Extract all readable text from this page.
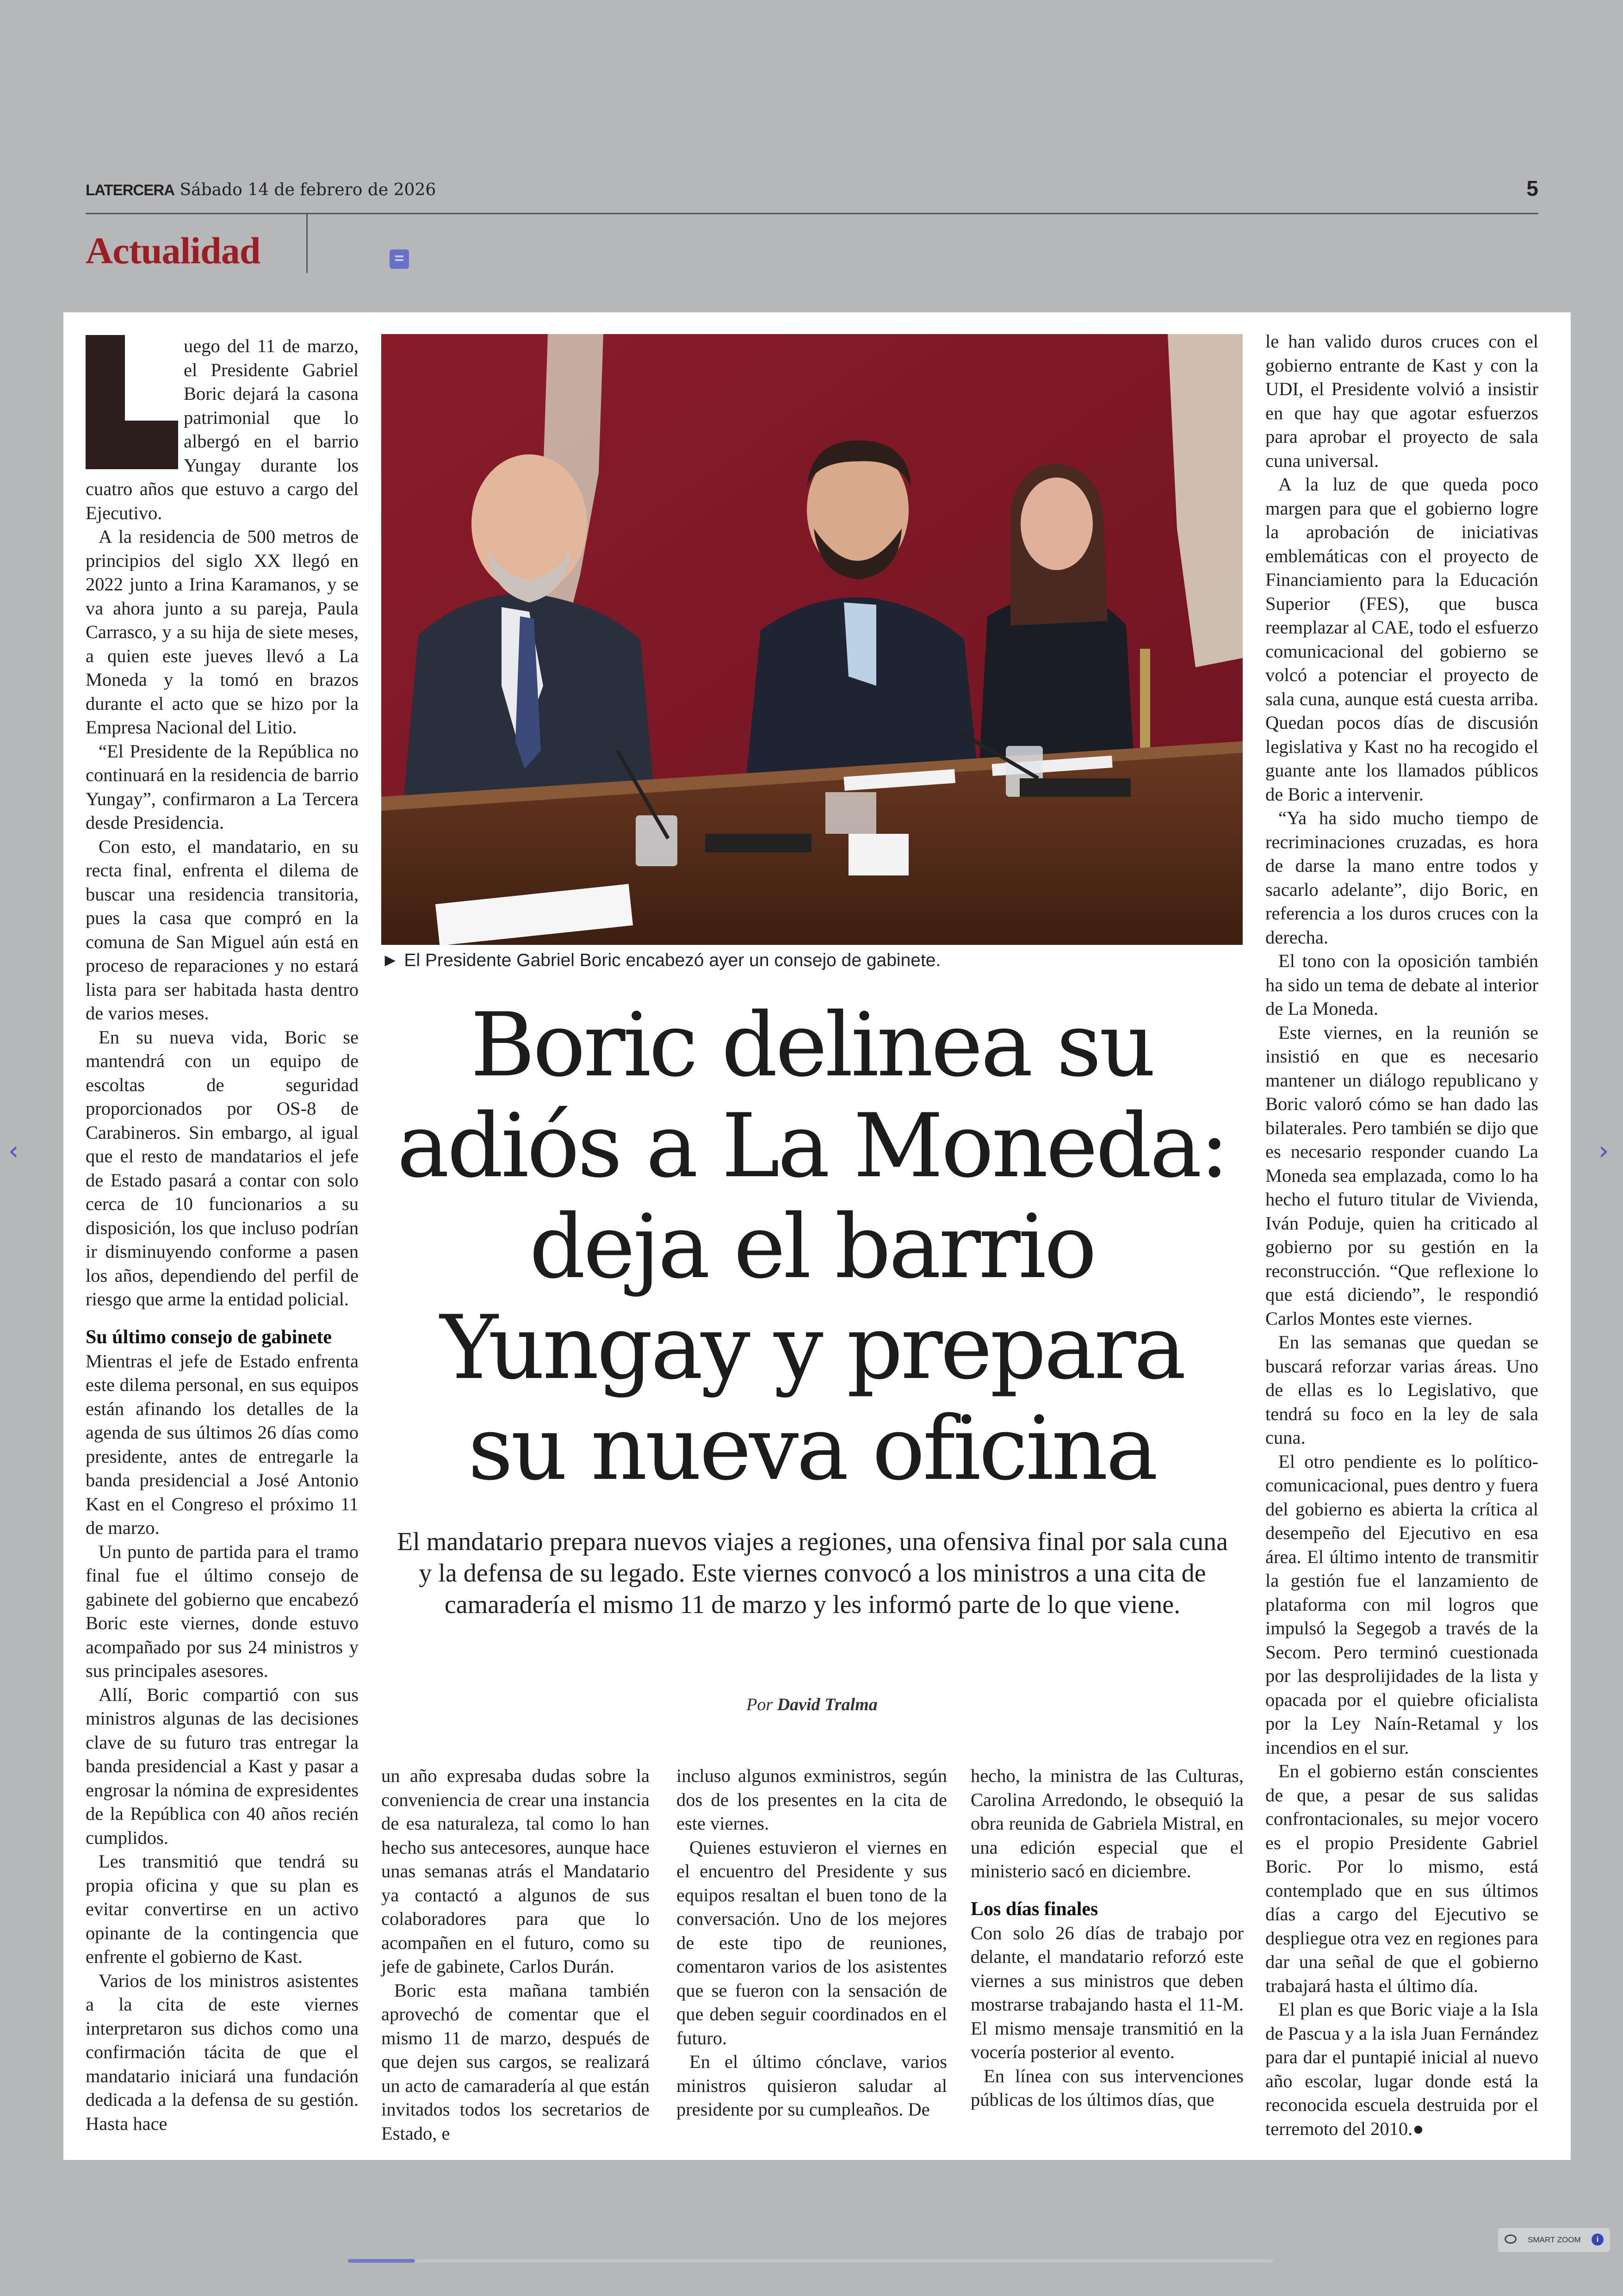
LATERCERA Sábado 14 de febrero de 2026	5
Actualidad

uego del 11 de marzo, el Presidente Gabriel Boric dejará la casona patrimonial que lo albergó en el barrio Yungay durante los cuatro años que estuvo a cargo del Ejecutivo.

A la residencia de 500 metros de principios del siglo XX llegó en 2022 junto a Irina Karamanos, y se va ahora junto a su pareja, Paula Carrasco, y a su hija de siete meses, a quien este jueves llevó a La Moneda y la tomó en brazos durante el acto que se hizo por la Empresa Nacional del Litio.

“El Presidente de la República no continuará en la residencia de barrio Yungay”, confirmaron a La Tercera desde Presidencia.

Con esto, el mandatario, en su recta final, enfrenta el dilema de buscar una residencia transitoria, pues la casa que compró en la comuna de San Miguel aún está en proceso de reparaciones y no estará lista para ser habitada hasta dentro de varios meses.

En su nueva vida, Boric se mantendrá con un equipo de escoltas de seguridad proporcionados por OS-8 de Carabineros. Sin embargo, al igual que el resto de mandatarios el jefe de Estado pasará a contar con solo cerca de 10 funcionarios a su disposición, los que incluso podrían ir disminuyendo conforme a pasen los años, dependiendo del perfil de riesgo que arme la entidad policial.

Su último consejo de gabinete

Mientras el jefe de Estado enfrenta este dilema personal, en sus equipos están afinando los detalles de la agenda de sus últimos 26 días como presidente, antes de entregarle la banda presidencial a José Antonio Kast en el Congreso el próximo 11 de marzo.

Un punto de partida para el tramo final fue el último consejo de gabinete del gobierno que encabezó Boric este viernes, donde estuvo acompañado por sus 24 ministros y sus principales asesores.

Allí, Boric compartió con sus ministros algunas de las decisiones clave de su futuro tras entregar la banda presidencial a Kast y pasar a engrosar la nómina de expresidentes de la República con 40 años recién cumplidos.

Les transmitió que tendrá su propia oficina y que su plan es evitar convertirse en un activo opinante de la contingencia que enfrente el gobierno de Kast.

Varios de los ministros asistentes a la cita de este viernes interpretaron sus dichos como una confirmación tácita de que el mandatario iniciará una fundación dedicada a la defensa de su gestión. Hasta hace

► El Presidente Gabriel Boric encabezó ayer un consejo de gabinete.
Boric delinea su adiós a La Moneda: deja el barrio Yungay y prepara su nueva oficina
El mandatario prepara nuevos viajes a regiones, una ofensiva final por sala cuna y la defensa de su legado. Este viernes convocó a los ministros a una cita de camaradería el mismo 11 de marzo y les informó parte de lo que viene.
Por David Tralma

un año expresaba dudas sobre la conveniencia de crear una instancia de esa naturaleza, tal como lo han hecho sus antecesores, aunque hace unas semanas atrás el Mandatario ya contactó a algunos de sus colaboradores para que lo acompañen en el futuro, como su jefe de gabinete, Carlos Durán.

Boric esta mañana también aprovechó de comentar que el mismo 11 de marzo, después de que dejen sus cargos, se realizará un acto de camaradería al que están invitados todos los secretarios de Estado, e

incluso algunos exministros, según dos de los presentes en la cita de este viernes.

Quienes estuvieron el viernes en el encuentro del Presidente y sus equipos resaltan el buen tono de la conversación. Uno de los mejores de este tipo de reuniones, comentaron varios de los asistentes que se fueron con la sensación de que deben seguir coordinados en el futuro.

En el último cónclave, varios ministros quisieron saludar al presidente por su cumpleaños. De

hecho, la ministra de las Culturas, Carolina Arredondo, le obsequió la obra reunida de Gabriela Mistral, en una edición especial que el ministerio sacó en diciembre.

Los días finales

Con solo 26 días de trabajo por delante, el mandatario reforzó este viernes a sus ministros que deben mostrarse trabajando hasta el 11-M. El mismo mensaje transmitió en la vocería posterior al evento.

En línea con sus intervenciones públicas de los últimos días, que

le han valido duros cruces con el gobierno entrante de Kast y con la UDI, el Presidente volvió a insistir en que hay que agotar esfuerzos para aprobar el proyecto de sala cuna universal.

A la luz de que queda poco margen para que el gobierno logre la aprobación de iniciativas emblemáticas con el proyecto de Financiamiento para la Educación Superior (FES), que busca reemplazar al CAE, todo el esfuerzo comunicacional del gobierno se volcó a potenciar el proyecto de sala cuna, aunque está cuesta arriba. Quedan pocos días de discusión legislativa y Kast no ha recogido el guante ante los llamados públicos de Boric a intervenir.

“Ya ha sido mucho tiempo de recriminaciones cruzadas, es hora de darse la mano entre todos y sacarlo adelante”, dijo Boric, en referencia a los duros cruces con la derecha.

El tono con la oposición también ha sido un tema de debate al interior de La Moneda.

Este viernes, en la reunión se insistió en que es necesario mantener un diálogo republicano y Boric valoró cómo se han dado las bilaterales. Pero también se dijo que es necesario responder cuando La Moneda sea emplazada, como lo ha hecho el futuro titular de Vivienda, Iván Poduje, quien ha criticado al gobierno por su gestión en la reconstrucción. “Que reflexione lo que está diciendo”, le respondió Carlos Montes este viernes.

En las semanas que quedan se buscará reforzar varias áreas. Uno de ellas es lo Legislativo, que tendrá su foco en la ley de sala cuna.

El otro pendiente es lo político-comunicacional, pues dentro y fuera del gobierno es abierta la crítica al desempeño del Ejecutivo en esa área. El último intento de transmitir la gestión fue el lanzamiento de plataforma con mil logros que impulsó la Segegob a través de la Secom. Pero terminó cuestionada por las desprolijidades de la lista y opacada por el quiebre oficialista por la Ley Naín-Retamal y los incendios en el sur.

En el gobierno están conscientes de que, a pesar de sus salidas confrontacionales, su mejor vocero es el propio Presidente Gabriel Boric. Por lo mismo, está contemplado que en sus últimos días a cargo del Ejecutivo se despliegue otra vez en regiones para dar una señal de que el gobierno trabajará hasta el último día.

El plan es que Boric viaje a la Isla de Pascua y a la isla Juan Fernández para dar el puntapié inicial al nuevo año escolar, lugar donde está la reconocida escuela destruida por el terremoto del 2010.●

‹	›
SMART ZOOM	i
